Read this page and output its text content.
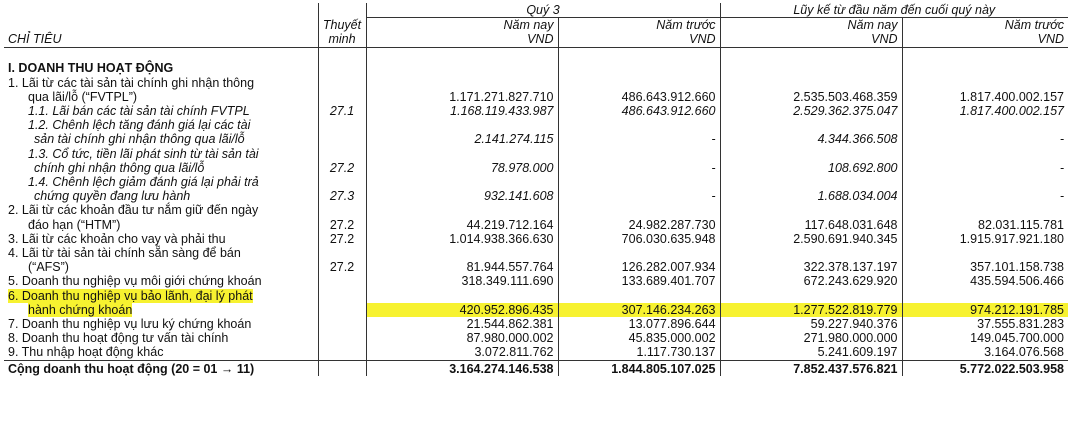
		Quý 3		Lũy kế từ đầu năm đến cuối quý này	
	Thuyết	Năm nay	Năm trước	Năm nay	Năm trước
CHỈ TIÊU	minh	VND	VND	VND	VND

I. DOANH THU HOẠT ĐỘNG					
1. Lãi từ các tài sản tài chính ghi nhận thông					
qua lãi/lỗ (“FVTPL”)		1.171.271.827.710	486.643.912.660	2.535.503.468.359	1.817.400.002.157
1.1. Lãi bán các tài sản tài chính FVTPL	27.1	1.168.119.433.987	486.643.912.660	2.529.362.375.047	1.817.400.002.157
1.2. Chênh lệch tăng đánh giá lại các tài					
sản tài chính ghi nhận thông qua lãi/lỗ		2.141.274.115	-	4.344.366.508	-
1.3. Cổ tức, tiền lãi phát sinh từ tài sản tài					
chính ghi nhận thông qua lãi/lỗ	27.2	78.978.000	-	108.692.800	-
1.4. Chênh lệch giảm đánh giá lại phải trả					
chứng quyền đang lưu hành	27.3	932.141.608	-	1.688.034.004	-
2. Lãi từ các khoản đầu tư nắm giữ đến ngày					
đáo hạn (“HTM”)	27.2	44.219.712.164	24.982.287.730	117.648.031.648	82.031.115.781
3. Lãi từ các khoản cho vay và phải thu	27.2	1.014.938.366.630	706.030.635.948	2.590.691.940.345	1.915.917.921.180
4. Lãi từ tài sản tài chính sẵn sàng để bán					
(“AFS”)	27.2	81.944.557.764	126.282.007.934	322.378.137.197	357.101.158.738
5. Doanh thu nghiệp vụ môi giới chứng khoán		318.349.111.690	133.689.401.707	672.243.629.920	435.594.506.466
6. Doanh thu nghiệp vụ bảo lãnh, đại lý phát					
hành chứng khoán		420.952.896.435	307.146.234.263	1.277.522.819.779	974.212.191.785
7. Doanh thu nghiệp vụ lưu ký chứng khoán		21.544.862.381	13.077.896.644	59.227.940.376	37.555.831.283
8. Doanh thu hoạt động tư vấn tài chính		87.980.000.002	45.835.000.002	271.980.000.000	149.045.700.000
9. Thu nhập hoạt động khác		3.072.811.762	1.117.730.137	5.241.609.197	3.164.076.568
Cộng doanh thu hoạt động (20 = 01 → 11)		3.164.274.146.538	1.844.805.107.025	7.852.437.576.821	5.772.022.503.958
